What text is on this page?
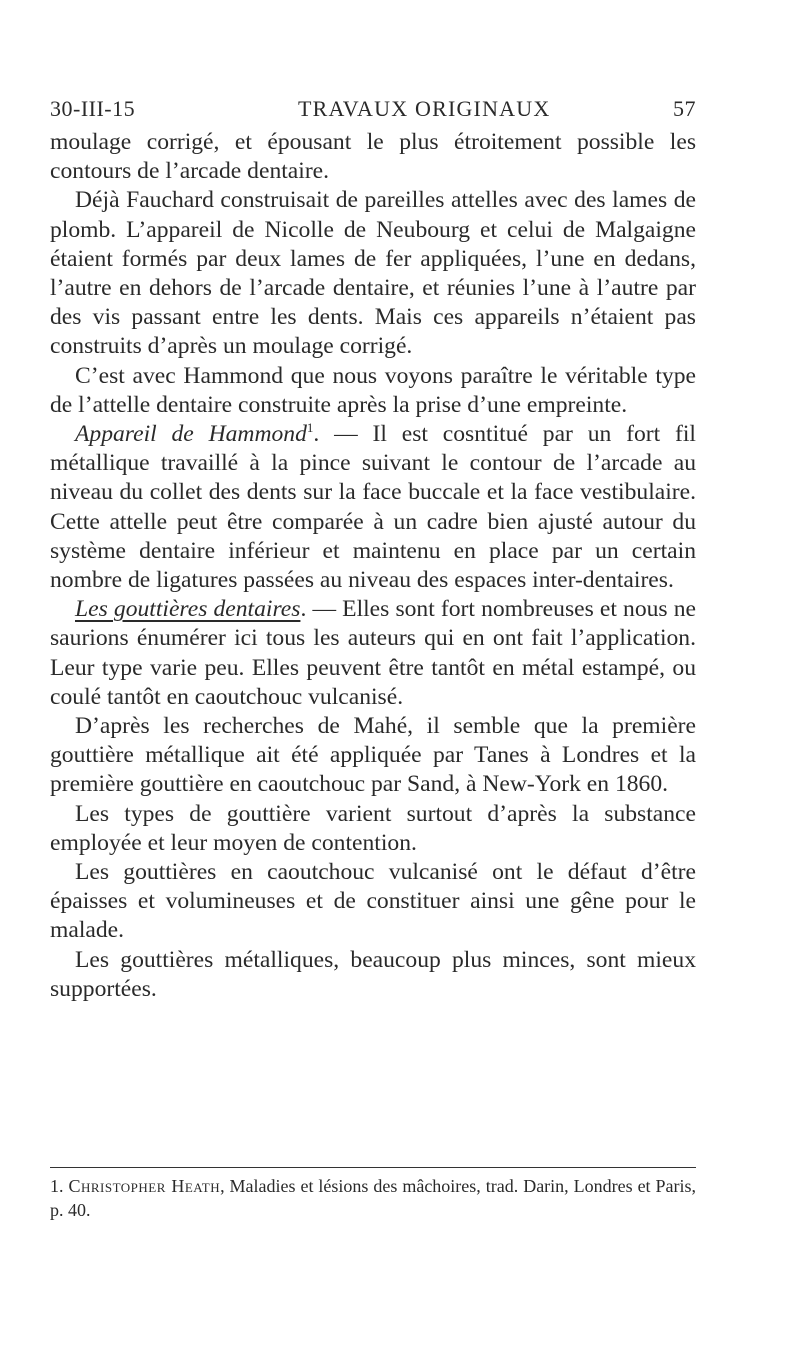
30-III-15	TRAVAUX ORIGINAUX	57

moulage corrigé, et épousant le plus étroitement possible les contours de l’arcade dentaire.

Déjà Fauchard construisait de pareilles attelles avec des lames de plomb. L’appareil de Nicolle de Neubourg et celui de Malgaigne étaient formés par deux lames de fer appliquées, l’une en dedans, l’autre en dehors de l’arcade dentaire, et réunies l’une à l’autre par des vis passant entre les dents. Mais ces appareils n’étaient pas construits d’après un moulage corrigé.

C’est avec Hammond que nous voyons paraître le véritable type de l’attelle dentaire construite après la prise d’une empreinte.

Appareil de Hammond$^1$. — Il est cosntitué par un fort fil métallique travaillé à la pince suivant le contour de l’arcade au niveau du collet des dents sur la face buccale et la face vestibulaire. Cette attelle peut être comparée à un cadre bien ajusté autour du système dentaire inférieur et maintenu en place par un certain nombre de ligatures passées au niveau des espaces inter-dentaires.

Les gouttières dentaires. — Elles sont fort nombreuses et nous ne saurions énumérer ici tous les auteurs qui en ont fait l’application. Leur type varie peu. Elles peuvent être tantôt en métal estampé, ou coulé tantôt en caoutchouc vulcanisé.

D’après les recherches de Mahé, il semble que la première gouttière métallique ait été appliquée par Tanes à Londres et la première gouttière en caoutchouc par Sand, à New-York en 1860.

Les types de gouttière varient surtout d’après la substance employée et leur moyen de contention.

Les gouttières en caoutchouc vulcanisé ont le défaut d’être épaisses et volumineuses et de constituer ainsi une gêne pour le malade.

Les gouttières métalliques, beaucoup plus minces, sont mieux supportées.

1. Christopher Heath, Maladies et lésions des mâchoires, trad. Darin, Londres et Paris, p. 40.
